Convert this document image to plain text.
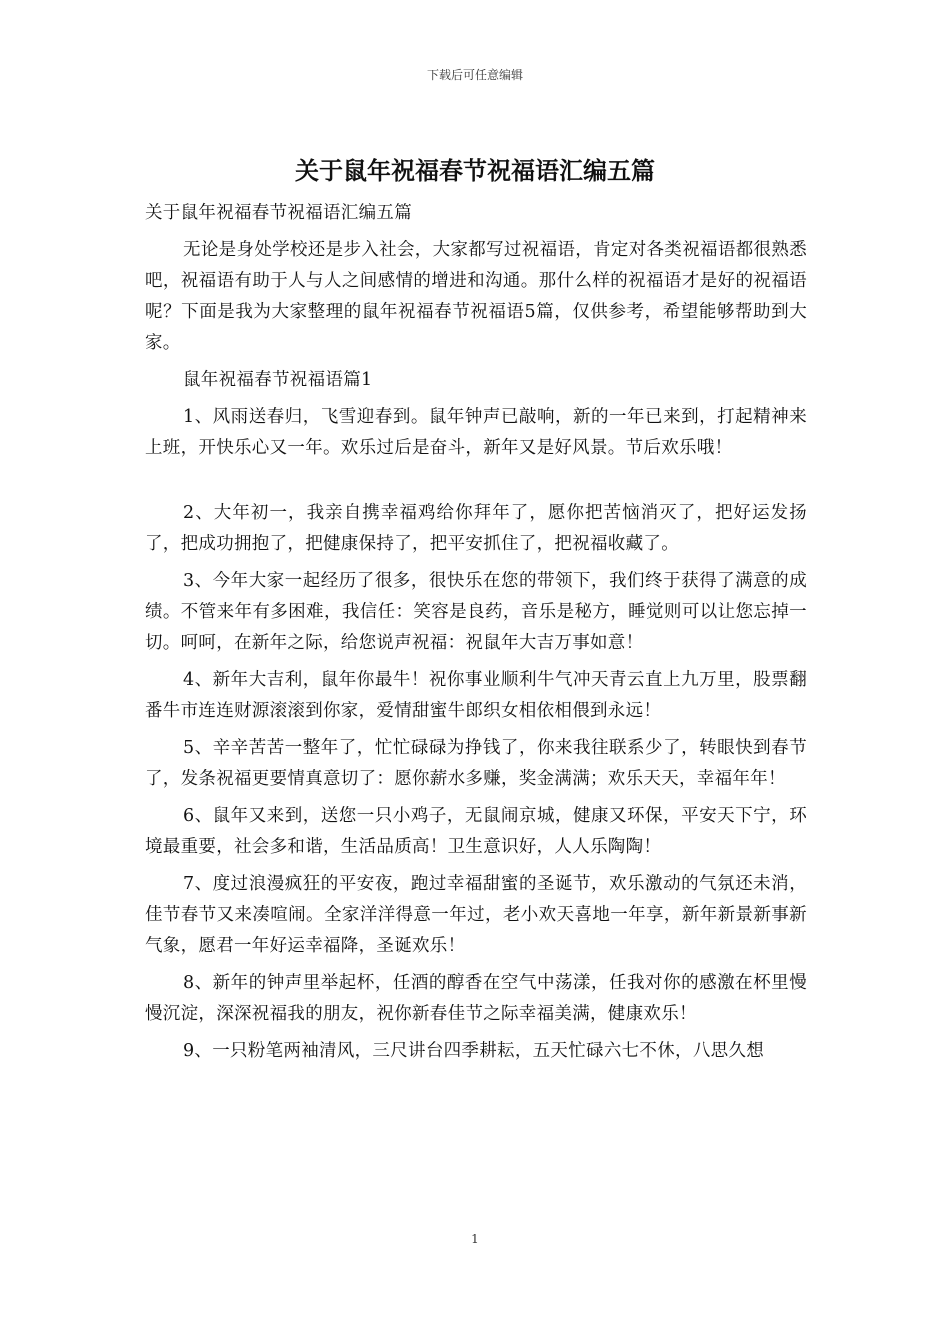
下载后可任意编辑
关于鼠年祝福春节祝福语汇编五篇

关于鼠年祝福春节祝福语汇编五篇

无论是身处学校还是步入社会，大家都写过祝福语，肯定对各类祝福语都很熟悉吧，祝福语有助于人与人之间感情的增进和沟通。那什么样的祝福语才是好的祝福语呢？下面是我为大家整理的鼠年祝福春节祝福语5篇，仅供参考，希望能够帮助到大家。

鼠年祝福春节祝福语篇1

1、风雨送春归，飞雪迎春到。鼠年钟声已敲响，新的一年已来到，打起精神来上班，开快乐心又一年。欢乐过后是奋斗，新年又是好风景。节后欢乐哦！

2、大年初一，我亲自携幸福鸡给你拜年了，愿你把苦恼消灭了，把好运发扬了，把成功拥抱了，把健康保持了，把平安抓住了，把祝福收藏了。

3、今年大家一起经历了很多，很快乐在您的带领下，我们终于获得了满意的成绩。不管来年有多困难，我信任：笑容是良药，音乐是秘方，睡觉则可以让您忘掉一切。呵呵，在新年之际，给您说声祝福：祝鼠年大吉万事如意！

4、新年大吉利，鼠年你最牛！祝你事业顺利牛气冲天青云直上九万里，股票翻番牛市连连财源滚滚到你家，爱情甜蜜牛郎织女相依相偎到永远！

5、辛辛苦苦一整年了，忙忙碌碌为挣钱了，你来我往联系少了，转眼快到春节了，发条祝福更要情真意切了：愿你薪水多赚，奖金满满；欢乐天天，幸福年年！

6、鼠年又来到，送您一只小鸡子，无鼠闹京城，健康又环保，平安天下宁，环境最重要，社会多和谐，生活品质高！卫生意识好，人人乐陶陶！

7、度过浪漫疯狂的平安夜，跑过幸福甜蜜的圣诞节，欢乐激动的气氛还未消，佳节春节又来凑喧闹。全家洋洋得意一年过，老小欢天喜地一年享，新年新景新事新气象，愿君一年好运幸福降，圣诞欢乐！

8、新年的钟声里举起杯，任酒的醇香在空气中荡漾，任我对你的感激在杯里慢慢沉淀，深深祝福我的朋友，祝你新春佳节之际幸福美满，健康欢乐！

9、一只粉笔两袖清风，三尺讲台四季耕耘，五天忙碌六七不休，八思久想

1
